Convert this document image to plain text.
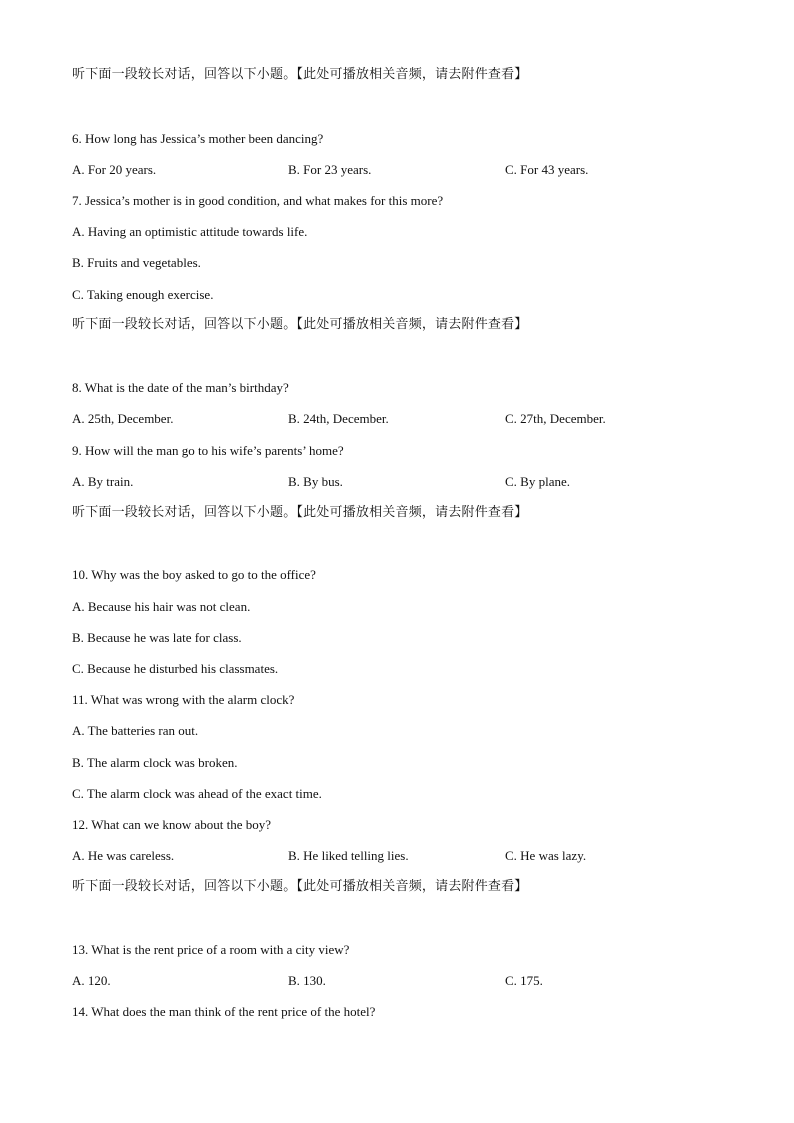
听下面一段较长对话，回答以下小题。【此处可播放相关音频，请去附件查看】
6. How long has Jessica’s mother been dancing?
A. For 20 years.	B. For 23 years.	C. For 43 years.
7. Jessica’s mother is in good condition, and what makes for this more?
A. Having an optimistic attitude towards life.
B. Fruits and vegetables.
C. Taking enough exercise.
听下面一段较长对话，回答以下小题。【此处可播放相关音频，请去附件查看】
8. What is the date of the man’s birthday?
A. 25th, December.	B. 24th, December.	C. 27th, December.
9. How will the man go to his wife’s parents’ home?
A. By train.	B. By bus.	C. By plane.
听下面一段较长对话，回答以下小题。【此处可播放相关音频，请去附件查看】
10. Why was the boy asked to go to the office?
A. Because his hair was not clean.
B. Because he was late for class.
C. Because he disturbed his classmates.
11. What was wrong with the alarm clock?
A. The batteries ran out.
B. The alarm clock was broken.
C. The alarm clock was ahead of the exact time.
12. What can we know about the boy?
A. He was careless.	B. He liked telling lies.	C. He was lazy.
听下面一段较长对话，回答以下小题。【此处可播放相关音频，请去附件查看】
13. What is the rent price of a room with a city view?
A. 120.	B. 130.	C. 175.
14. What does the man think of the rent price of the hotel?
